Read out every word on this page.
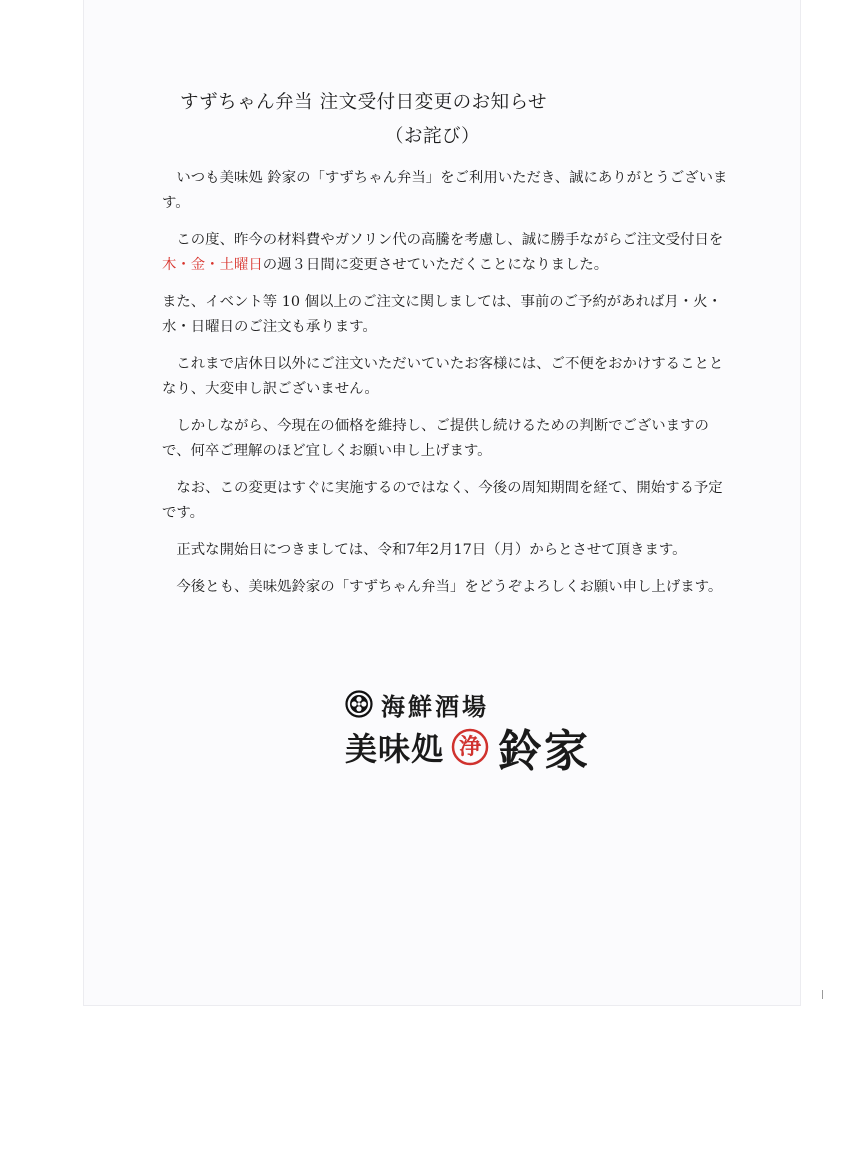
すずちゃん弁当 注文受付日変更のお知らせ
（お詫び）

いつも美味処 鈴家の「すずちゃん弁当」をご利用いただき、誠にありがとうございます。

この度、昨今の材料費やガソリン代の高騰を考慮し、誠に勝手ながらご注文受付日を木・金・土曜日の週３日間に変更させていただくことになりました。

また、イベント等 10 個以上のご注文に関しましては、事前のご予約があれば月・火・水・日曜日のご注文も承ります。

これまで店休日以外にご注文いただいていたお客様には、ご不便をおかけすることとなり、大変申し訳ございません。

しかしながら、今現在の価格を維持し、ご提供し続けるための判断でございますので、何卒ご理解のほど宜しくお願い申し上げます。

なお、この変更はすぐに実施するのではなく、今後の周知期間を経て、開始する予定です。

正式な開始日につきましては、令和7年2月17日（月）からとさせて頂きます。

今後とも、美味処鈴家の「すずちゃん弁当」をどうぞよろしくお願い申し上げます。

海鮮酒場
美味処 浄 鈴家
